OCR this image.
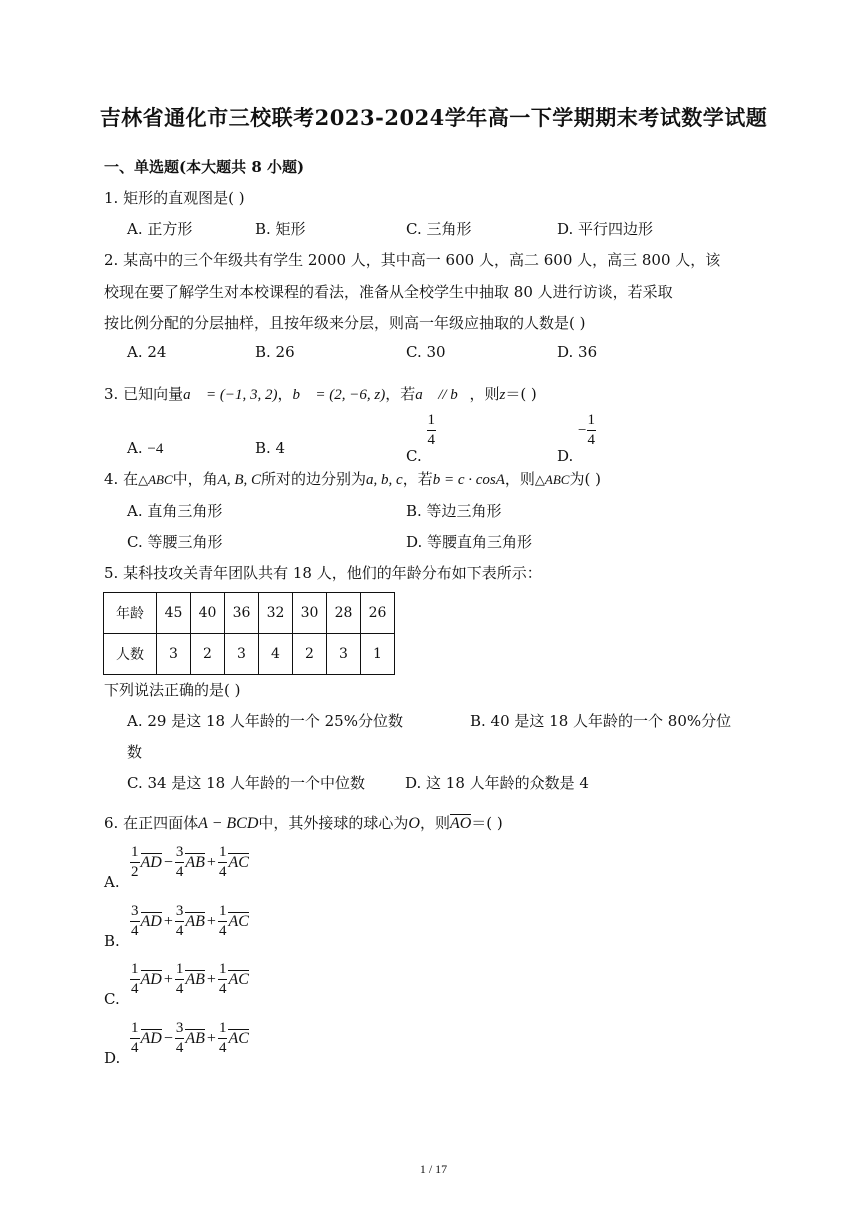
吉林省通化市三校联考2023-2024学年高一下学期期末考试数学试题
一、单选题(本大题共 8 小题)
1. 矩形的直观图是( )
A. 正方形	B. 矩形	C. 三角形	D. 平行四边形
2. 某高中的三个年级共有学生 2000 人，其中高一 600 人，高二 600 人，高三 800 人，该
校现在要了解学生对本校课程的看法，准备从全校学生中抽取 80 人进行访谈，若采取
按比例分配的分层抽样，且按年级来分层，则高一年级应抽取的人数是( )
A. 24	B. 26	C. 30	D. 36
3. 已知向量a⃗ = (−1, 3, 2)，b⃗ = (2, −6, z)，若a⃗ // b⃗，则z＝( )
A. −4	B. 4	C.
$\frac{1}{4}$
D. − $\frac{1}{4}$
4. 在△ABC中，角A, B, C所对的边分别为a, b, c，若b = c · cosA，则△ABC为( )
A. 直角三角形	B. 等边三角形
C. 等腰三角形	D. 等腰直角三角形
5. 某科技攻关青年团队共有 18 人，他们的年龄分布如下表所示：
年龄	45	40	36	32	30	28	26
人数	3	2	3	4	2	3	1
下列说法正确的是( )
A. 29 是这 18 人年龄的一个 25%分位数	B. 40 是这 18 人年龄的一个 80%分位
数
C. 34 是这 18 人年龄的一个中位数	D. 这 18 人年龄的众数是 4
6. 在正四面体A − BCD中，其外接球的球心为O，则AO＝( )
A.
$\frac{1}{2}$ AD − $\frac{3}{4}$ AB + $\frac{1}{4}$ AC
B.
$\frac{3}{4}$ AD + $\frac{3}{4}$ AB + $\frac{1}{4}$ AC
C.
$\frac{1}{4}$ AD + $\frac{1}{4}$ AB + $\frac{1}{4}$ AC
D.
$\frac{1}{4}$ AD − $\frac{3}{4}$ AB + $\frac{1}{4}$ AC
1 / 17
